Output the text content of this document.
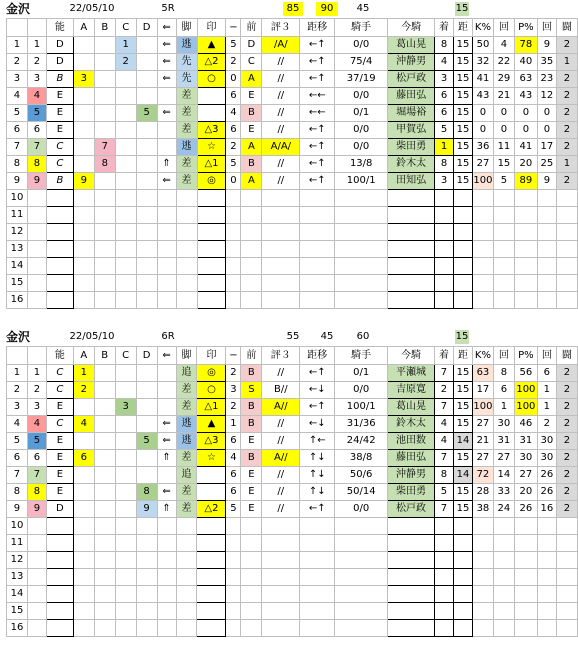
金沢	22/05/10	5R	85	90	45	15
		能	A	B	C	D	⇐	脚	印	−	前	評３	距移	騎手	今騎	着	距	K%	回	P%	回	闘
1	1	D			1		⇐	逃	▲	5	D	/A/	←↑	0/0	葛山晃	8	15	50	4	78	9	2
2	2	D			2		⇐	先	△2	2	C	//	←↑	75/4	沖静男	4	15	32	22	40	35	1
3	3	B	3				⇐	先	○	0	A	//	←↑	37/19	松戸政	3	15	41	29	63	23	2
4	4	E						差		6	E	//	←←	0/0	藤田弘	6	15	43	21	43	12	2
5	5	E				5	⇐	差		4	B	//	←←	0/1	堀場裕	6	15	0	0	0	0	2
6	6	E						差	△3	6	E	//	←↑	0/0	甲賀弘	5	15	0	0	0	0	2
7	7	C		7				逃	☆	2	A	A/A/	←↑	0/0	柴田勇	1	15	36	11	41	17	2
8	8	C		8			⇑	差	△1	5	B	//	←↑	13/8	鈴木太	8	15	27	15	20	25	1
9	9	B	9				⇐	差	◎	0	A	//	←↑	100/1	田知弘	3	15	100	5	89	9	2
10																						
11																						
12																						
13																						
14																						
15																						
16																						
金沢	22/05/10	6R	55	45	60	15
		能	A	B	C	D	⇐	脚	印	−	前	評３	距移	騎手	今騎	着	距	K%	回	P%	回	闘
1	1	C	1					追	◎	2	B	//	←↑	0/1	平瀬城	7	15	63	8	56	6	2
2	2	C	2					差	○	3	S	B//	←↓	0/0	吉原寛	2	15	17	6	100	1	2
3	3	E			3			差	△1	2	B	A//	←↑	100/1	葛山晃	7	15	100	1	100	1	2
4	4	C	4				⇐	逃	▲	1	B	//	←↓	31/36	鈴木太	4	15	27	30	46	2	2
5	5	E				5	⇐	逃	△3	6	E	//	↑←	24/42	池田数	4	14	21	31	31	30	2
6	6	E	6				⇑	差	☆	4	B	A//	↑↓	38/8	藤田弘	7	15	27	27	30	30	2
7	7	E						追		6	E	//	↑↓	50/6	沖静男	8	14	72	14	27	26	2
8	8	E				8	⇐	差		6	E	//	↑↓	50/14	柴田勇	5	15	28	33	20	26	2
9	9	D				9	⇑	差	△2	5	E	//	←↑	0/0	松戸政	7	15	38	24	26	16	2
10																						
11																						
12																						
13																						
14																						
15																						
16																						
